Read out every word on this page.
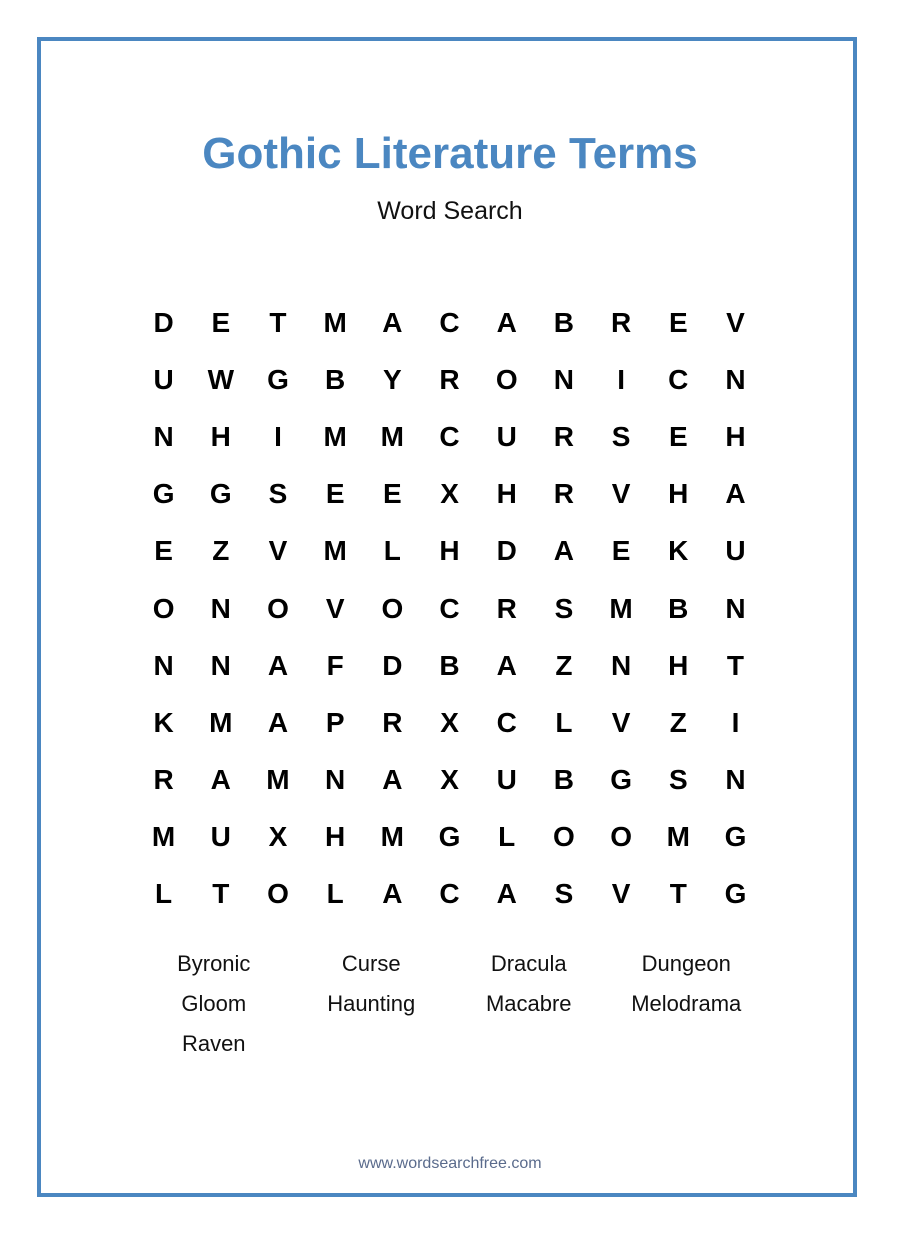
Gothic Literature Terms
Word Search
D	E	T	M	A	C	A	B	R	E	V
U	W	G	B	Y	R	O	N	I	C	N
N	H	I	M	M	C	U	R	S	E	H
G	G	S	E	E	X	H	R	V	H	A
E	Z	V	M	L	H	D	A	E	K	U
O	N	O	V	O	C	R	S	M	B	N
N	N	A	F	D	B	A	Z	N	H	T
K	M	A	P	R	X	C	L	V	Z	I
R	A	M	N	A	X	U	B	G	S	N
M	U	X	H	M	G	L	O	O	M	G
L	T	O	L	A	C	A	S	V	T	G
Byronic	Curse	Dracula	Dungeon
Gloom	Haunting	Macabre	Melodrama
Raven
www.wordsearchfree.com
